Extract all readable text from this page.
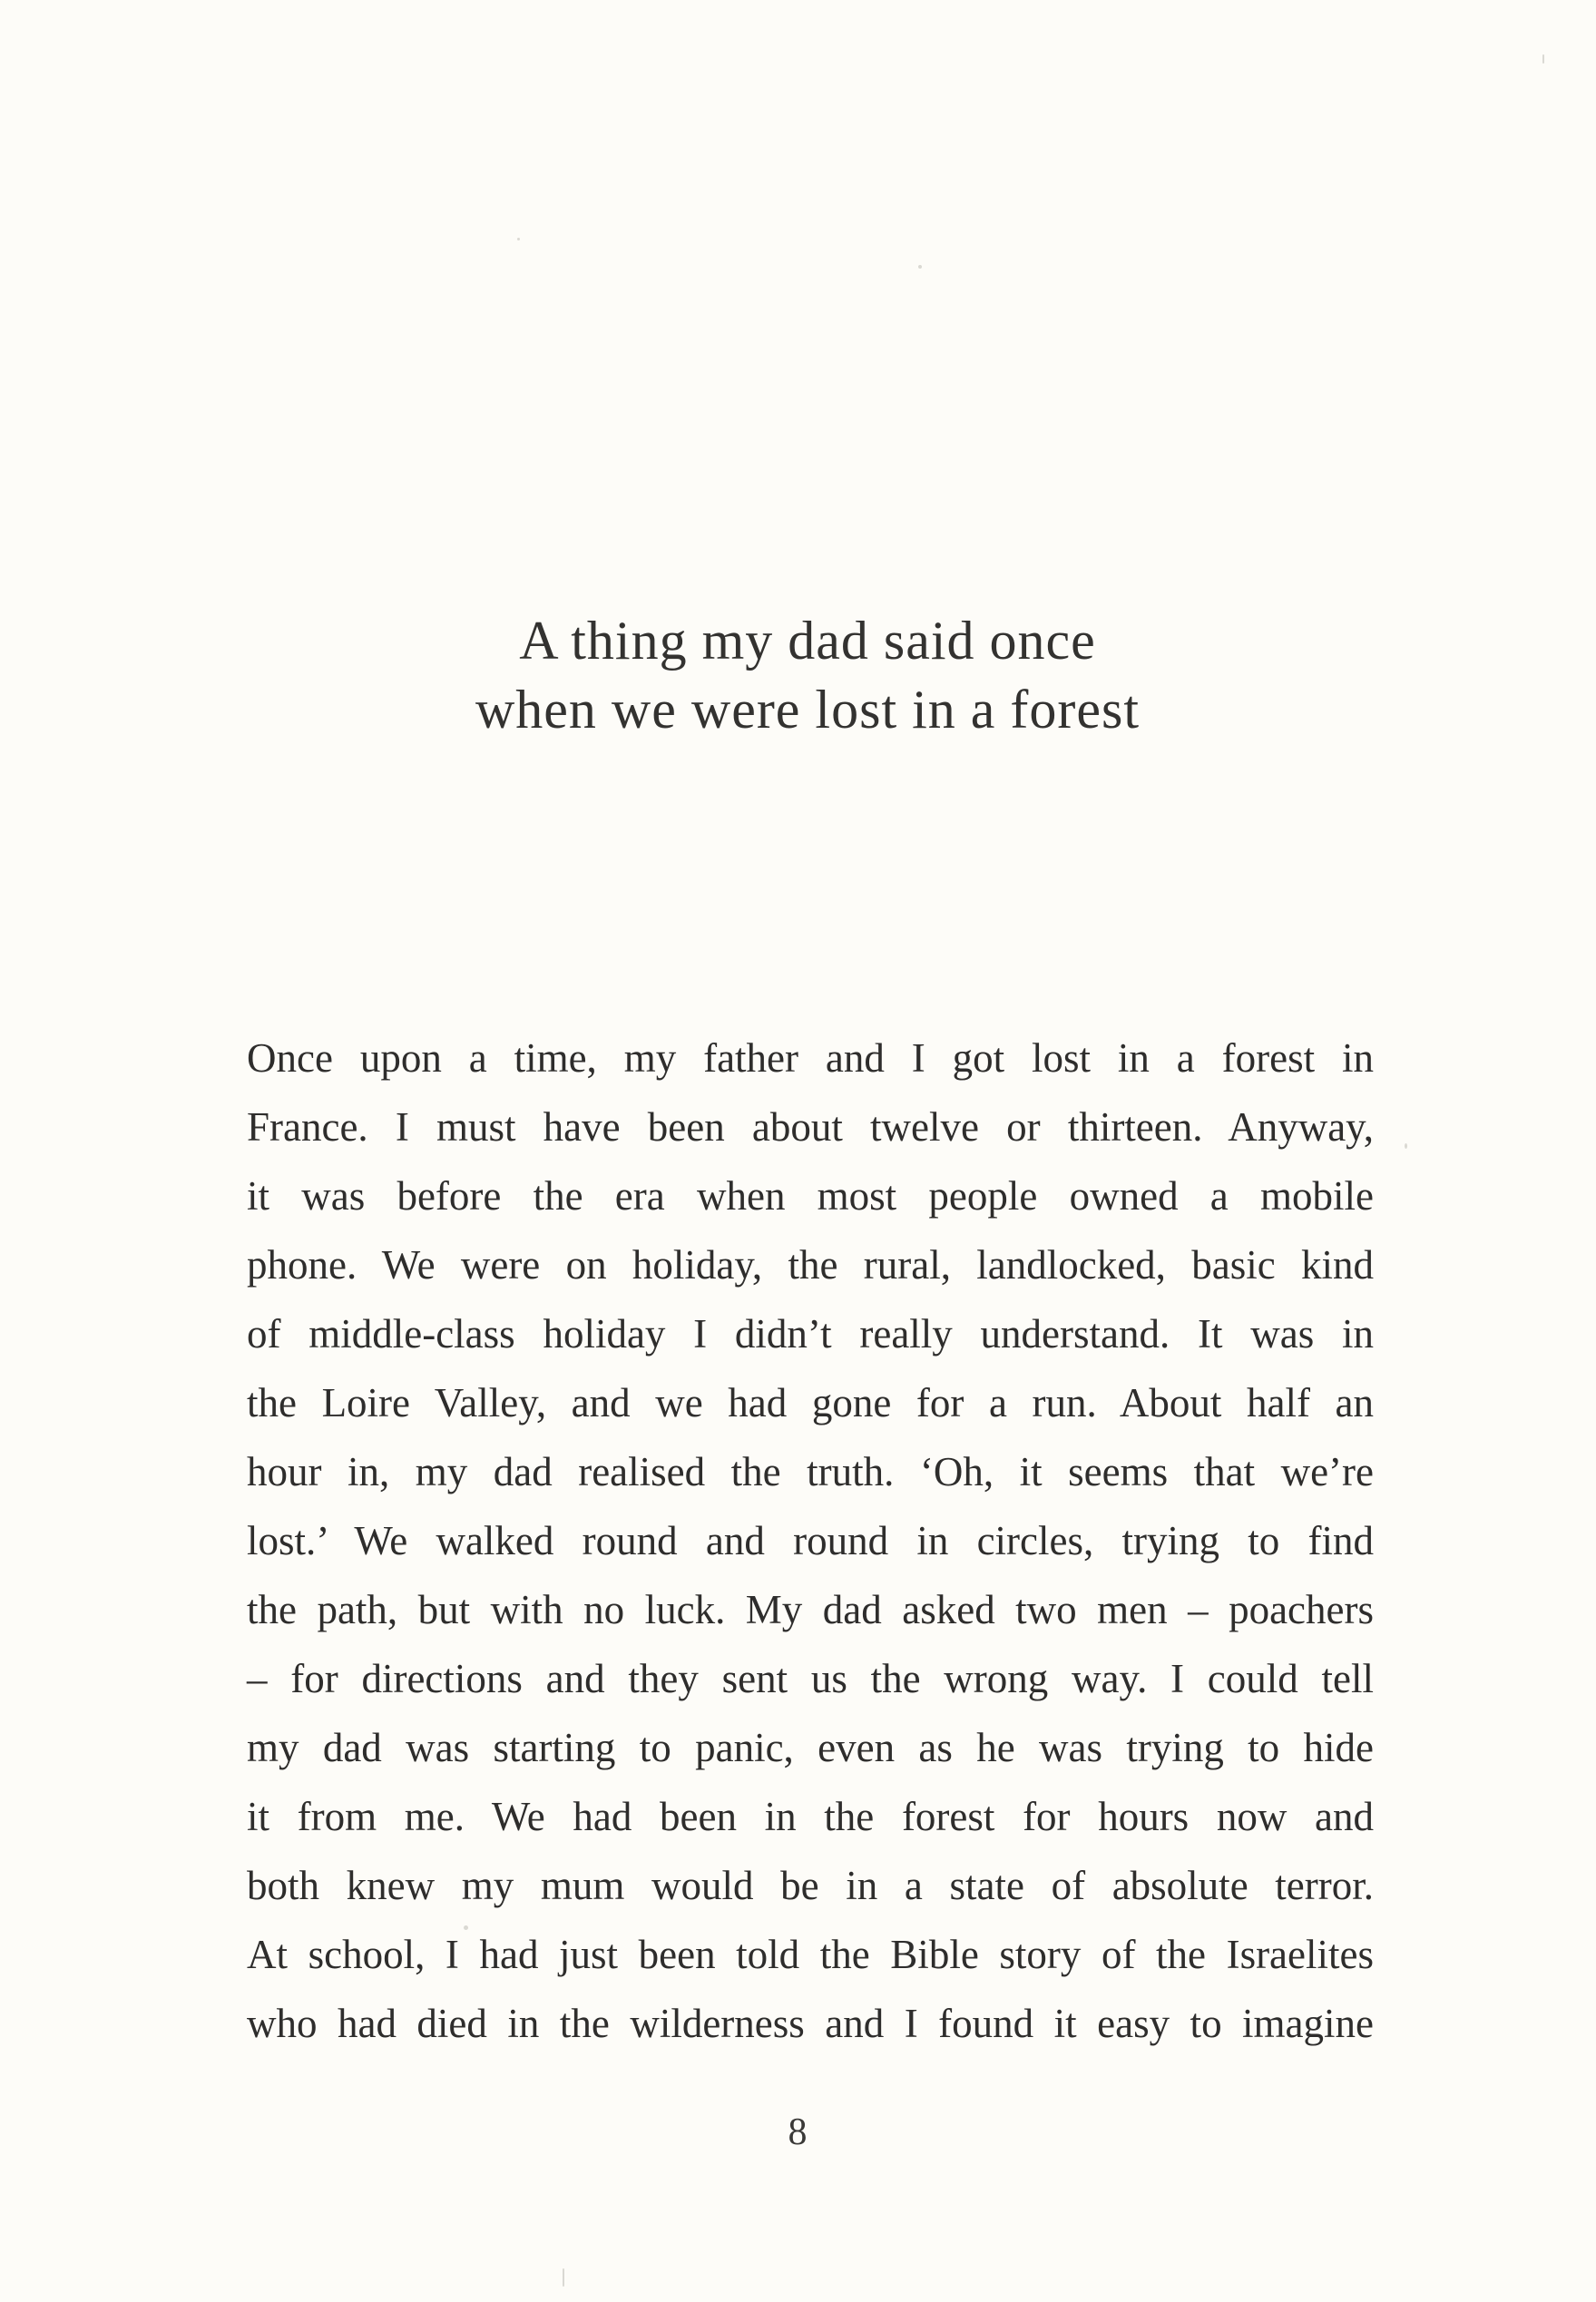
A thing my dad said once
when we were lost in a forest
Once upon a time, my father and I got lost in a forest in
France. I must have been about twelve or thirteen. Anyway,
it was before the era when most people owned a mobile
phone. We were on holiday, the rural, landlocked, basic kind
of middle-class holiday I didn’t really understand. It was in
the Loire Valley, and we had gone for a run. About half an
hour in, my dad realised the truth. ‘Oh, it seems that we’re
lost.’ We walked round and round in circles, trying to find
the path, but with no luck. My dad asked two men – poachers
– for directions and they sent us the wrong way. I could tell
my dad was starting to panic, even as he was trying to hide
it from me. We had been in the forest for hours now and
both knew my mum would be in a state of absolute terror.
At school, I had just been told the Bible story of the Israelites
who had died in the wilderness and I found it easy to imagine
8
